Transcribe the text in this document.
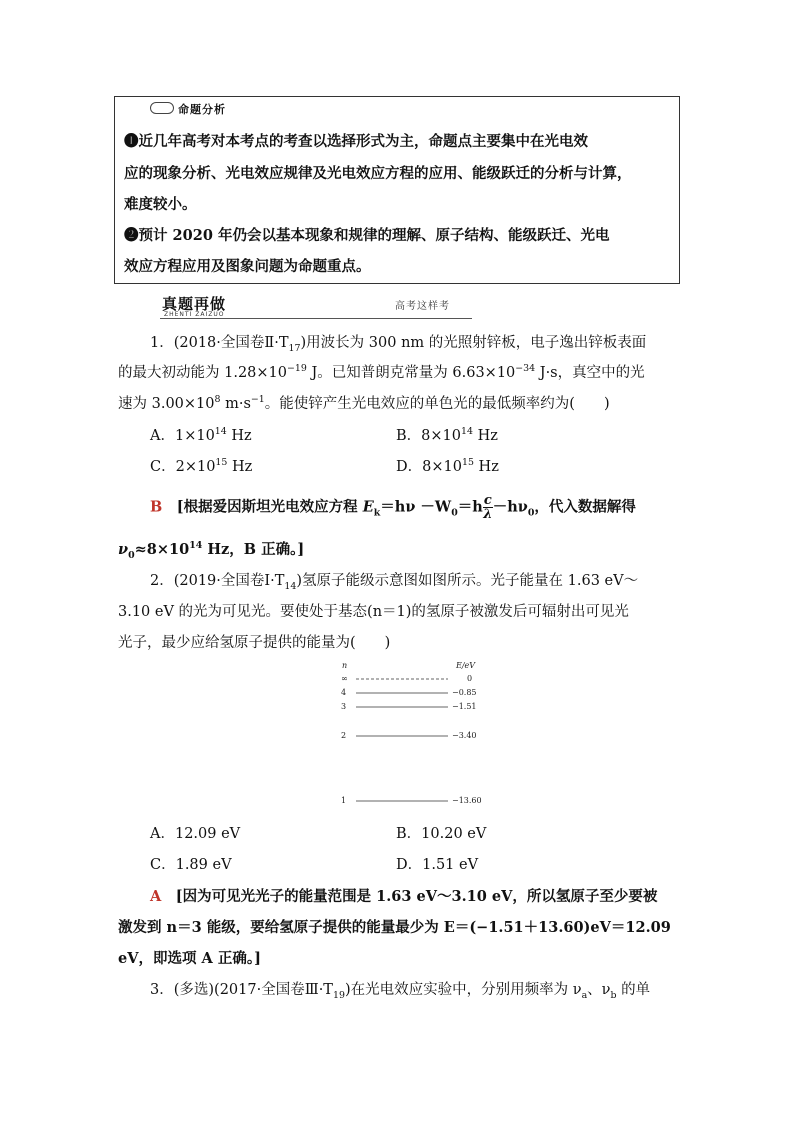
命题分析
❶近几年高考对本考点的考查以选择形式为主，命题点主要集中在光电效
应的现象分析、光电效应规律及光电效应方程的应用、能级跃迁的分析与计算，
难度较小。
❷预计 2020 年仍会以基本现象和规律的理解、原子结构、能级跃迁、光电
效应方程应用及图象问题为命题重点。
真题再做
ZHENTI ZAIZUO
高考这样考
1．(2018·全国卷$Ⅱ\cdot T_{17}$)用波长为 300 nm 的光照射锌板，电子逸出锌板表面
的最大初动能为 $1.28\times 10^{-19}$ J。已知普朗克常量为 $6.63\times 10^{-34}$ J·s，真空中的光
速为 $3.00\times 10^8$ $m\cdot s^{-1}$。能使锌产生光电效应的单色光的最低频率约为(　　)
A．$1\times 10^{14}$ Hz	B．$8\times 10^{14}$ Hz
C．$2\times 10^{15}$ Hz	D．$8\times 10^{15}$ Hz
B　 [根据爱因斯坦光电效应方程 $E_k=h\nu -W_0=h \frac{c}{\lambda} -h\nu_0$，代入数据解得
$\nu_0\approx 8\times 10^{14}$ Hz，B 正确。]
2．(2019·全国卷$Ⅰ\cdot T_{14}$)氢原子能级示意图如图所示。光子能量在 1.63 eV～
3.10 eV 的光为可见光。要使处于基态(n＝1)的氢原子被激发后可辐射出可见光
光子，最少应给氢原子提供的能量为(　　)
n	E/eV
∞	0
4	−0.85
3	−1.51
2	−3.40
1	−13.60
A．12.09 eV	B．10.20 eV
C．1.89 eV	D．1.51 eV
A　 [因为可见光光子的能量范围是 1.63 eV～3.10 eV，所以氢原子至少要被
激发到 n＝3 能级，要给氢原子提供的能量最少为 E＝(−1.51＋13.60)eV＝12.09
eV，即选项 A 正确。]
3．(多选)(2017·全国卷$Ⅲ\cdot T_{19}$)在光电效应实验中，分别用频率为 $\nu_a$、$\nu_b$ 的单
